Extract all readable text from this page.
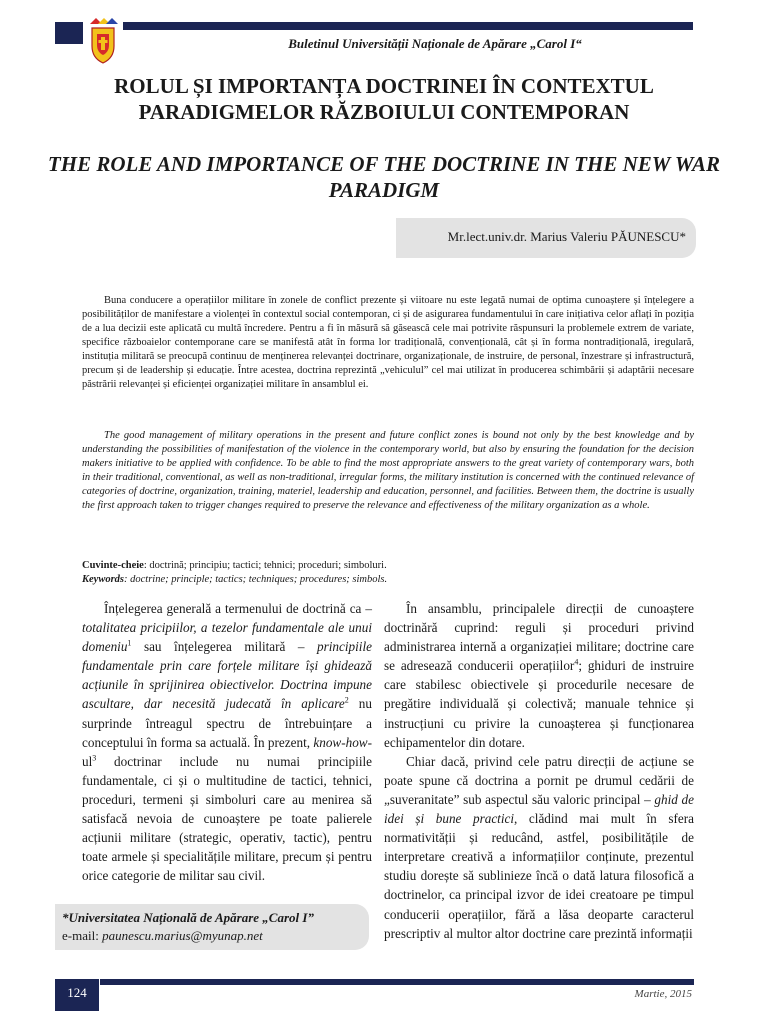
Buletinul Universității Naționale de Apărare „Carol I“
ROLUL ȘI IMPORTANȚA DOCTRINEI ÎN CONTEXTUL PARADIGMELOR RĂZBOIULUI CONTEMPORAN
THE ROLE AND IMPORTANCE OF THE DOCTRINE IN THE NEW WAR PARADIGM
Mr.lect.univ.dr. Marius Valeriu PĂUNESCU*
Buna conducere a operațiilor militare în zonele de conflict prezente și viitoare nu este legată numai de optima cunoaștere și înțelegere a posibilităților de manifestare a violenței în contextul social contemporan, ci și de asigurarea fundamentului în care inițiativa celor aflați în poziția de a lua decizii este aplicată cu multă încredere. Pentru a fi în măsură să găsească cele mai potrivite răspunsuri la problemele extrem de variate, specifice războaielor contemporane care se manifestă atât în forma lor tradițională, convențională, cât și în forma nontradițională, iregulară, instituția militară se preocupă continuu de menținerea relevanței doctrinare, organizaționale, de instruire, de personal, înzestrare și infrastructură, precum și de leadership și educație. Între acestea, doctrina reprezintă „vehiculul” cel mai utilizat în producerea schimbării și adaptării necesare păstrării relevanței și eficienței organizației militare în ansamblul ei.
The good management of military operations in the present and future conflict zones is bound not only by the best knowledge and by understanding the possibilities of manifestation of the violence in the contemporary world, but also by ensuring the foundation for the decision makers initiative to be applied with confidence. To be able to find the most appropriate answers to the great variety of contemporary wars, both in their traditional, conventional, as well as non-traditional, irregular forms, the military institution is concerned with the continued relevance of categories of doctrine, organization, training, materiel, leadership and education, personnel, and facilities. Between them, the doctrine is usually the first approach taken to trigger changes required to preserve the relevance and effectiveness of the military organization as a whole.
Cuvinte-cheie: doctrină; principiu; tactici; tehnici; proceduri; simboluri.
Keywords: doctrine; principle; tactics; techniques; procedures; simbols.

Înțelegerea generală a termenului de doctrină ca – totalitatea pricipiilor, a tezelor fundamentale ale unui domeniu$^1$ sau înțelegerea militară – principiile fundamentale prin care forțele militare își ghidează acțiunile în sprijinirea obiectivelor. Doctrina impune ascultare, dar necesită judecată în aplicare$^2$ nu surprinde întreagul spectru de întrebuințare a conceptului în forma sa actuală. În prezent, know-$how-ul^3$ doctrinar include nu numai principiile fundamentale, ci și o multitudine de tactici, tehnici, proceduri, termeni și simboluri care au menirea să satisfacă nevoia de cunoaștere pe toate palierele acțiunii militare (strategic, operativ, tactic), pentru toate armele și specialitățile militare, precum și pentru orice categorie de militar sau civil.

În ansamblu, principalele direcții de cunoaștere doctrinără cuprind: reguli și proceduri privind administrarea internă a organizației militare; doctrine care se adresează conducerii operațiilor$^4$; ghiduri de instruire care stabilesc obiectivele și procedurile necesare de pregătire individuală și colectivă; manuale tehnice și instrucțiuni cu privire la cunoașterea și funcționarea echipamentelor din dotare.

Chiar dacă, privind cele patru direcții de acțiune se poate spune că doctrina a pornit pe drumul cedării de „suveranitate” sub aspectul său valoric principal – ghid de idei și bune practici, clădind mai mult în sfera normativității și reducând, astfel, posibilitățile de interpretare creativă a informațiilor conținute, prezentul studiu dorește să sublinieze încă o dată latura filosofică a doctrinelor, ca principal izvor de idei creatoare pe timpul conducerii operațiilor, fără a lăsa deoparte caracterul prescriptiv al multor altor doctrine care prezintă informații

*Universitatea Națională de Apărare „Carol I”
e-mail: paunescu.marius@myunap.net
124	Martie, 2015
